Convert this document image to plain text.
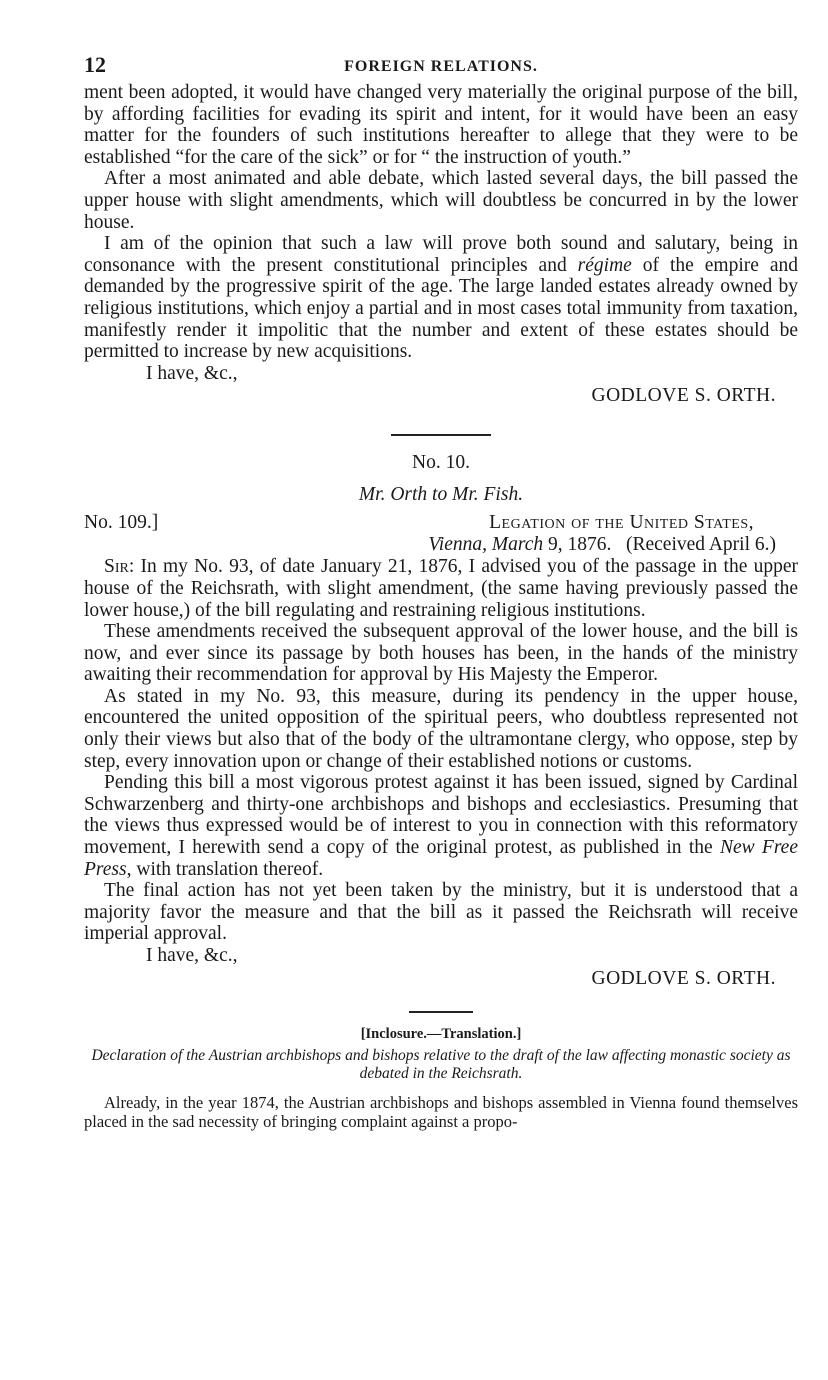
12	FOREIGN RELATIONS.

ment been adopted, it would have changed very materially the original purpose of the bill, by affording facilities for evading its spirit and intent, for it would have been an easy matter for the founders of such institutions hereafter to allege that they were to be established “for the care of the sick” or for “ the instruction of youth.”

After a most animated and able debate, which lasted several days, the bill passed the upper house with slight amendments, which will doubtless be concurred in by the lower house.

I am of the opinion that such a law will prove both sound and salutary, being in consonance with the present constitutional principles and régime of the empire and demanded by the progressive spirit of the age. The large landed estates already owned by religious institutions, which enjoy a partial and in most cases total immunity from taxation, manifestly render it impolitic that the number and extent of these estates should be permitted to increase by new acquisitions.

I have, &c.,
GODLOVE S. ORTH.
No. 10.
Mr. Orth to Mr. Fish.
No. 109.]	Legation of the United States,
Vienna, March 9, 1876. (Received April 6.)

Sir: In my No. 93, of date January 21, 1876, I advised you of the passage in the upper house of the Reichsrath, with slight amendment, (the same having previously passed the lower house,) of the bill regulating and restraining religious institutions.

These amendments received the subsequent approval of the lower house, and the bill is now, and ever since its passage by both houses has been, in the hands of the ministry awaiting their recommendation for approval by His Majesty the Emperor.

As stated in my No. 93, this measure, during its pendency in the upper house, encountered the united opposition of the spiritual peers, who doubtless represented not only their views but also that of the body of the ultramontane clergy, who oppose, step by step, every innovation upon or change of their established notions or customs.

Pending this bill a most vigorous protest against it has been issued, signed by Cardinal Schwarzenberg and thirty-one archbishops and bishops and ecclesiastics. Presuming that the views thus expressed would be of interest to you in connection with this reformatory movement, I herewith send a copy of the original protest, as published in the New Free Press, with translation thereof.

The final action has not yet been taken by the ministry, but it is understood that a majority favor the measure and that the bill as it passed the Reichsrath will receive imperial approval.

I have, &c.,
GODLOVE S. ORTH.
[Inclosure.—Translation.]
Declaration of the Austrian archbishops and bishops relative to the draft of the law affecting monastic society as debated in the Reichsrath.

Already, in the year 1874, the Austrian archbishops and bishops assembled in Vienna found themselves placed in the sad necessity of bringing complaint against a propo-
